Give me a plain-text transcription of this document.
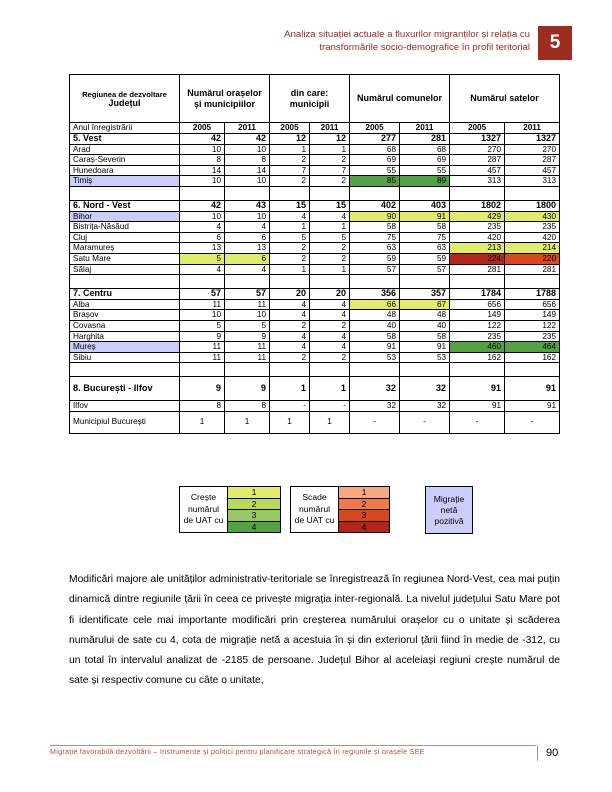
Analiza situației actuale a fluxurilor migranților și relația cu
transformările socio-demografice în profil teritorial	5
Regiunea de dezvoltare
Județul	Numărul orașelor și municipiilor		din care: municipii		Numărul comunelor		Numărul satelor	
Anul înregistrării	2005	2011	2005	2011	2005	2011	2005	2011
5. Vest	42	42	12	12	277	281	1327	1327
Arad	10	10	1	1	68	68	270	270
Caraș-Severin	8	8	2	2	69	69	287	287
Hunedoara	14	14	7	7	55	55	457	457
Timiș	10	10	2	2	85	89	313	313

6. Nord - Vest	42	43	15	15	402	403	1802	1800
Bihor	10	10	4	4	90	91	429	430
Bistrița-Năsăud	4	4	1	1	58	58	235	235
Cluj	6	6	5	5	75	75	420	420
Maramureș	13	13	2	2	63	63	213	214
Satu Mare	5	6	2	2	59	59	224	220
Sălaj	4	4	1	1	57	57	281	281

7. Centru	57	57	20	20	356	357	1784	1788
Alba	11	11	4	4	66	67	656	656
Brașov	10	10	4	4	48	48	149	149
Covasna	5	5	2	2	40	40	122	122
Harghita	9	9	4	4	58	58	235	235
Mureș	11	11	4	4	91	91	460	464
Sibiu	11	11	2	2	53	53	162	162

8. București - Ilfov	9	9	1	1	32	32	91	91
Ilfov	8	8	-	-	32	32	91	91
Municipiul București	1	1	1	1	-	-	-	-
Crește numărul de UAT cu	1
2
3
4
Scade numărul de UAT cu	1
2
3
4
Migrație netă pozitivă

Modificări majore ale unităților administrativ-teritoriale se înregistrează în regiunea Nord-Vest, cea mai puțin dinamică dintre regiunile țării în ceea ce privește migrația inter-regională. La nivelul județului Satu Mare pot fi identificate cele mai importante modificări prin creșterea numărului orașelor cu o unitate și scăderea numărului de sate cu 4, cota de migrație netă a acestuia în și din exteriorul țării fiind în medie de -312, cu un total în intervalul analizat de -2185 de persoane. Județul Bihor al aceleiași regiuni crește numărul de sate și respectiv comune cu câte o unitate,

Migrație favorabilă dezvoltării – Instrumente și politici pentru planificare strategică în regiunile și orașele SEE	90
